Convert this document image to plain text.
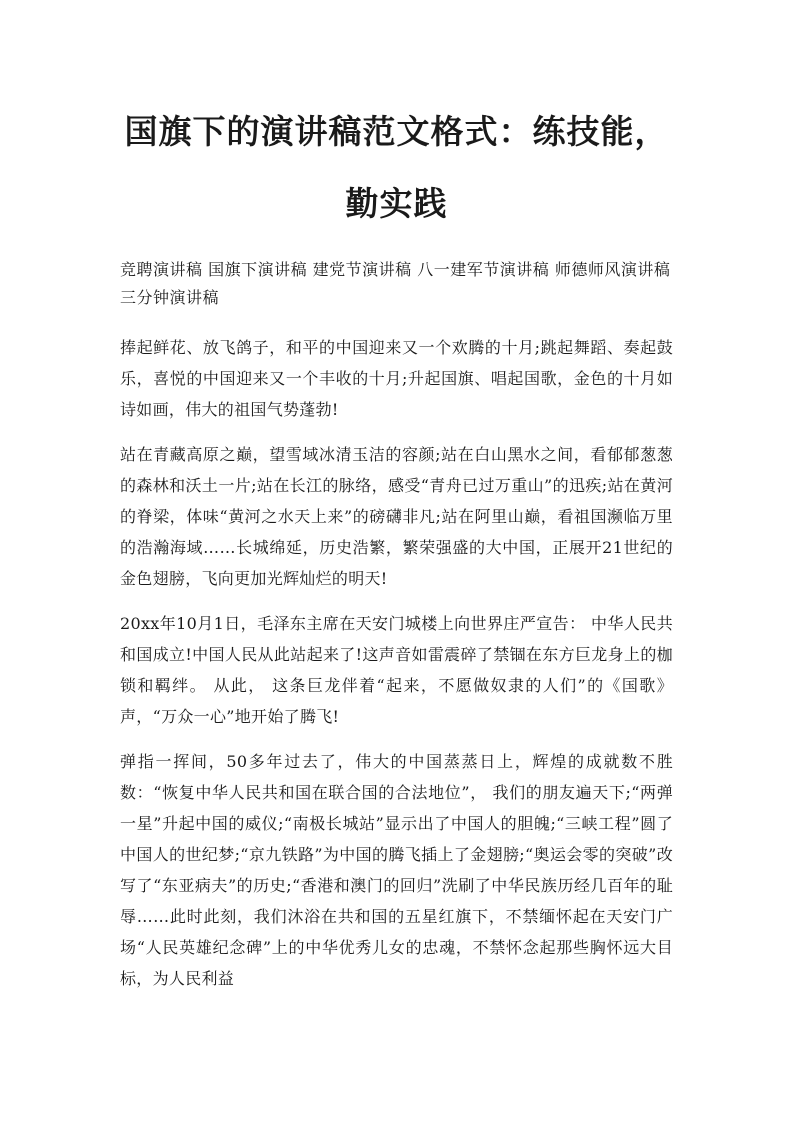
国旗下的演讲稿范文格式：练技能，勤实践

竞聘演讲稿 国旗下演讲稿 建党节演讲稿 八一建军节演讲稿 师德师风演讲稿 三分钟演讲稿

捧起鲜花、放飞鸽子，和平的中国迎来又一个欢腾的十月;跳起舞蹈、奏起鼓乐，喜悦的中国迎来又一个丰收的十月;升起国旗、唱起国歌，金色的十月如诗如画，伟大的祖国气势蓬勃!

站在青藏高原之巅，望雪域冰清玉洁的容颜;站在白山黑水之间，看郁郁葱葱的森林和沃土一片;站在长江的脉络，感受“青舟已过万重山”的迅疾;站在黄河的脊梁，体味“黄河之水天上来”的磅礴非凡;站在阿里山巅，看祖国濒临万里的浩瀚海域……长城绵延，历史浩繁，繁荣强盛的大中国，正展开21世纪的金色翅膀，飞向更加光辉灿烂的明天!

20xx年10月1日，毛泽东主席在天安门城楼上向世界庄严宣告： 中华人民共和国成立!中国人民从此站起来了!这声音如雷震碎了禁锢在东方巨龙身上的枷锁和羁绊。 从此， 这条巨龙伴着“起来，不愿做奴隶的人们”的《国歌》声，“万众一心”地开始了腾飞!

弹指一挥间，50多年过去了，伟大的中国蒸蒸日上，辉煌的成就数不胜数：“恢复中华人民共和国在联合国的合法地位”， 我们的朋友遍天下;“两弹一星”升起中国的威仪;“南极长城站”显示出了中国人的胆魄;“三峡工程”圆了中国人的世纪梦;“京九铁路”为中国的腾飞插上了金翅膀;“奥运会零的突破”改写了“东亚病夫”的历史;“香港和澳门的回归”洗刷了中华民族历经几百年的耻辱……此时此刻，我们沐浴在共和国的五星红旗下，不禁缅怀起在天安门广场“人民英雄纪念碑”上的中华优秀儿女的忠魂，不禁怀念起那些胸怀远大目标，为人民利益
